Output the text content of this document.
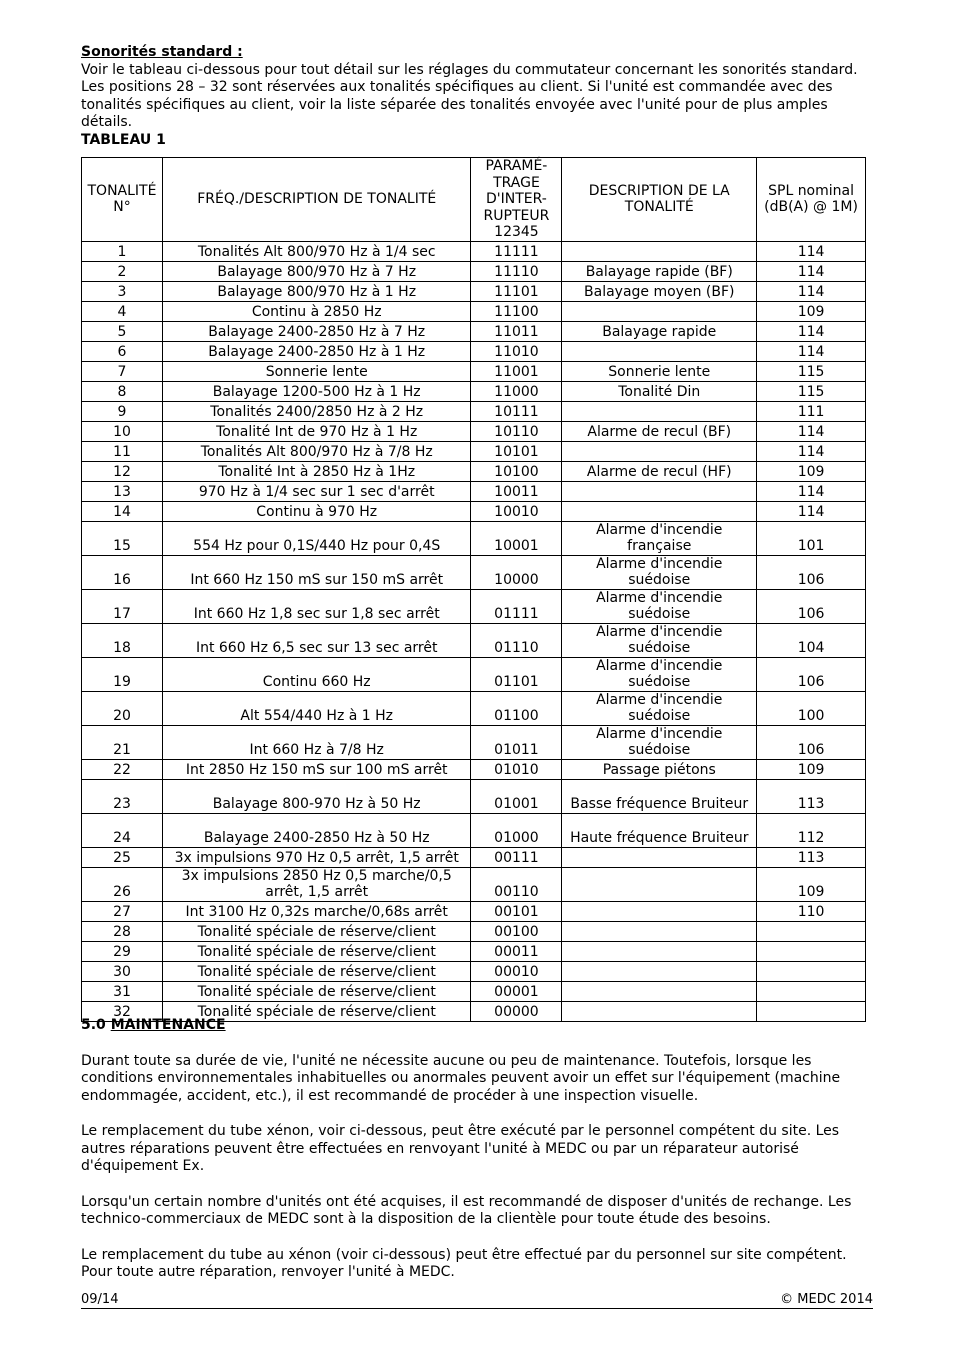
Sonorités standard :
Voir le tableau ci-dessous pour tout détail sur les réglages du commutateur concernant les sonorités standard. Les positions 28 – 32 sont réservées aux tonalités spécifiques au client. Si l'unité est commandée avec des tonalités spécifiques au client, voir la liste séparée des tonalités envoyée avec l'unité pour de plus amples détails.
TABLEAU 1
TONALITÉ N°	FRÉQ./DESCRIPTION DE TONALITÉ	PARAMÉ-TRAGE D'INTER-RUPTEUR 12345	DESCRIPTION DE LA TONALITÉ	SPL nominal (dB(A) @ 1M)
1	Tonalités Alt 800/970 Hz à 1/4 sec	11111		114
2	Balayage 800/970 Hz à 7 Hz	11110	Balayage rapide (BF)	114
3	Balayage 800/970 Hz à 1 Hz	11101	Balayage moyen (BF)	114
4	Continu à 2850 Hz	11100		109
5	Balayage 2400-2850 Hz à 7 Hz	11011	Balayage rapide	114
6	Balayage 2400-2850 Hz à 1 Hz	11010		114
7	Sonnerie lente	11001	Sonnerie lente	115
8	Balayage 1200-500 Hz à 1 Hz	11000	Tonalité Din	115
9	Tonalités 2400/2850 Hz à 2 Hz	10111		111
10	Tonalité Int de 970 Hz à 1 Hz	10110	Alarme de recul (BF)	114
11	Tonalités Alt 800/970 Hz à 7/8 Hz	10101		114
12	Tonalité Int à 2850 Hz à 1Hz	10100	Alarme de recul (HF)	109
13	970 Hz à 1/4 sec sur 1 sec d'arrêt	10011		114
14	Continu à 970 Hz	10010		114
15	554 Hz pour 0,1S/440 Hz pour 0,4S	10001	Alarme d'incendie française	101
16	Int 660 Hz 150 mS sur 150 mS arrêt	10000	Alarme d'incendie suédoise	106
17	Int 660 Hz 1,8 sec sur 1,8 sec arrêt	01111	Alarme d'incendie suédoise	106
18	Int 660 Hz 6,5 sec sur 13 sec arrêt	01110	Alarme d'incendie suédoise	104
19	Continu 660 Hz	01101	Alarme d'incendie suédoise	106
20	Alt 554/440 Hz à 1 Hz	01100	Alarme d'incendie suédoise	100
21	Int 660 Hz à 7/8 Hz	01011	Alarme d'incendie suédoise	106
22	Int 2850 Hz 150 mS sur 100 mS arrêt	01010	Passage piétons	109
23	Balayage 800-970 Hz à 50 Hz	01001	Basse fréquence Bruiteur	113
24	Balayage 2400-2850 Hz à 50 Hz	01000	Haute fréquence Bruiteur	112
25	3x impulsions 970 Hz 0,5 arrêt, 1,5 arrêt	00111		113
26	3x impulsions 2850 Hz 0,5 marche/0,5 arrêt, 1,5 arrêt	00110		109
27	Int 3100 Hz 0,32s marche/0,68s arrêt	00101		110
28	Tonalité spéciale de réserve/client	00100		
29	Tonalité spéciale de réserve/client	00011		
30	Tonalité spéciale de réserve/client	00010		
31	Tonalité spéciale de réserve/client	00001		
32	Tonalité spéciale de réserve/client	00000		
5.0 MAINTENANCE
Durant toute sa durée de vie, l'unité ne nécessite aucune ou peu de maintenance. Toutefois, lorsque les conditions environnementales inhabituelles ou anormales peuvent avoir un effet sur l'équipement (machine endommagée, accident, etc.), il est recommandé de procéder à une inspection visuelle.
Le remplacement du tube xénon, voir ci-dessous, peut être exécuté par le personnel compétent du site. Les autres réparations peuvent être effectuées en renvoyant l'unité à MEDC ou par un réparateur autorisé d'équipement Ex.
Lorsqu'un certain nombre d'unités ont été acquises, il est recommandé de disposer d'unités de rechange. Les technico-commerciaux de MEDC sont à la disposition de la clientèle pour toute étude des besoins.
Le remplacement du tube au xénon (voir ci-dessous) peut être effectué par du personnel sur site compétent. Pour toute autre réparation, renvoyer l'unité à MEDC.
09/14	© MEDC 2014
